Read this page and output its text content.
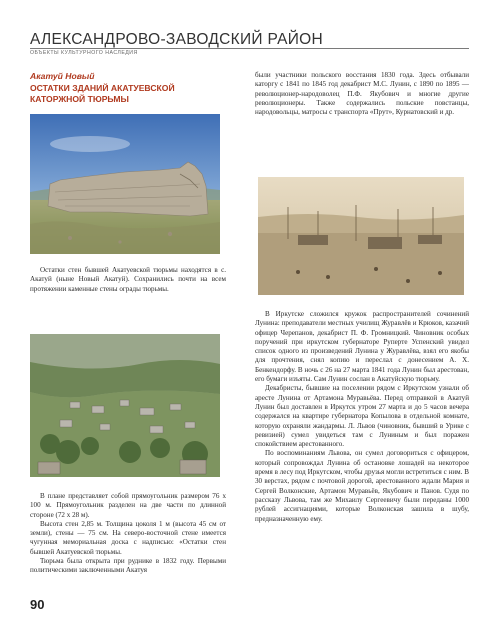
АЛЕКСАНДРОВО-ЗАВОДСКИЙ РАЙОН
ОБЪЕКТЫ КУЛЬТУРНОГО НАСЛЕДИЯ
Акатуй Новый
ОСТАТКИ ЗДАНИЙ АКАТУЕВСКОЙ КАТОРЖНОЙ ТЮРЬМЫ

Остатки стен бывшей Акатуевской тюрьмы находятся в с. Акатуй (ныне Новый Акатуй). Сохранились почти на всем протяжении каменные стены ограды тюрьмы.

В плане представляет собой прямоугольник размером 76 х 100 м. Прямоугольник разделен на две части по длинной стороне (72 х 28 м).

Высота стен 2,85 м. Толщина цоколя 1 м (высота 45 см от земли), стены — 75 см. На северо-восточной стене имеется чугунная мемориальная доска с надписью: «Остатки стен бывшей Акатуевской тюрьмы.

Тюрьма была открыта при руднике в 1832 году. Первыми политическими заключенными Акатуя

были участники польского восстания 1830 года. Здесь отбывали каторгу с 1841 по 1845 год декабрист М.С. Лунин, с 1890 по 1895 — революционер-народоволец П.Ф. Якубович и многие другие революционеры. Также содержались польские повстанцы, народовольцы, матросы с транспорта «Прут», Курнатовский и др.

В Иркутске сложился кружок распространителей сочинений Лунина: преподаватели местных училищ Журавлёв и Крюков, казачий офицер Черепанов, декабрист П. Ф. Громницкий. Чиновник особых поручений при иркутском губернаторе Руперте Успенский увидел список одного из произведений Лунина у Журавлёва, взял его якобы для прочтения, снял копию и переслал с донесением А. Х. Бенкендорфу. В ночь с 26 на 27 марта 1841 года Лунин был арестован, его бумаги изъяты. Сам Лунин сослан в Акатуйскую тюрьму.

Декабристы, бывшие на поселении рядом с Иркутском узнали об аресте Лунина от Артамона Муравьёва. Перед отправкой в Акатуй Лунин был доставлен в Иркутск утром 27 марта и до 5 часов вечера содержался на квартире губернатора Копылова в отдельной комнате, которую охраняли жандармы. Л. Львов (чиновник, бывший в Урике с ревизией) сумел увидеться там с Луниным и был поражен спокойствием арестованного.

По воспоминаниям Львова, он сумел договориться с офицером, который сопровождал Лунина об остановке лошадей на некоторое время в лесу под Иркутском, чтобы друзья могли встретиться с ним. В 30 верстах, рядом с почтовой дорогой, арестованного ждали Мария и Сергей Волконские, Артамон Муравьёв, Якубович и Панов. Судя по рассказу Львова, там же Михаилу Сергеевичу были переданы 1000 рублей ассигнациями, которые Волконская зашила в шубу, предназначенную ему.

90
